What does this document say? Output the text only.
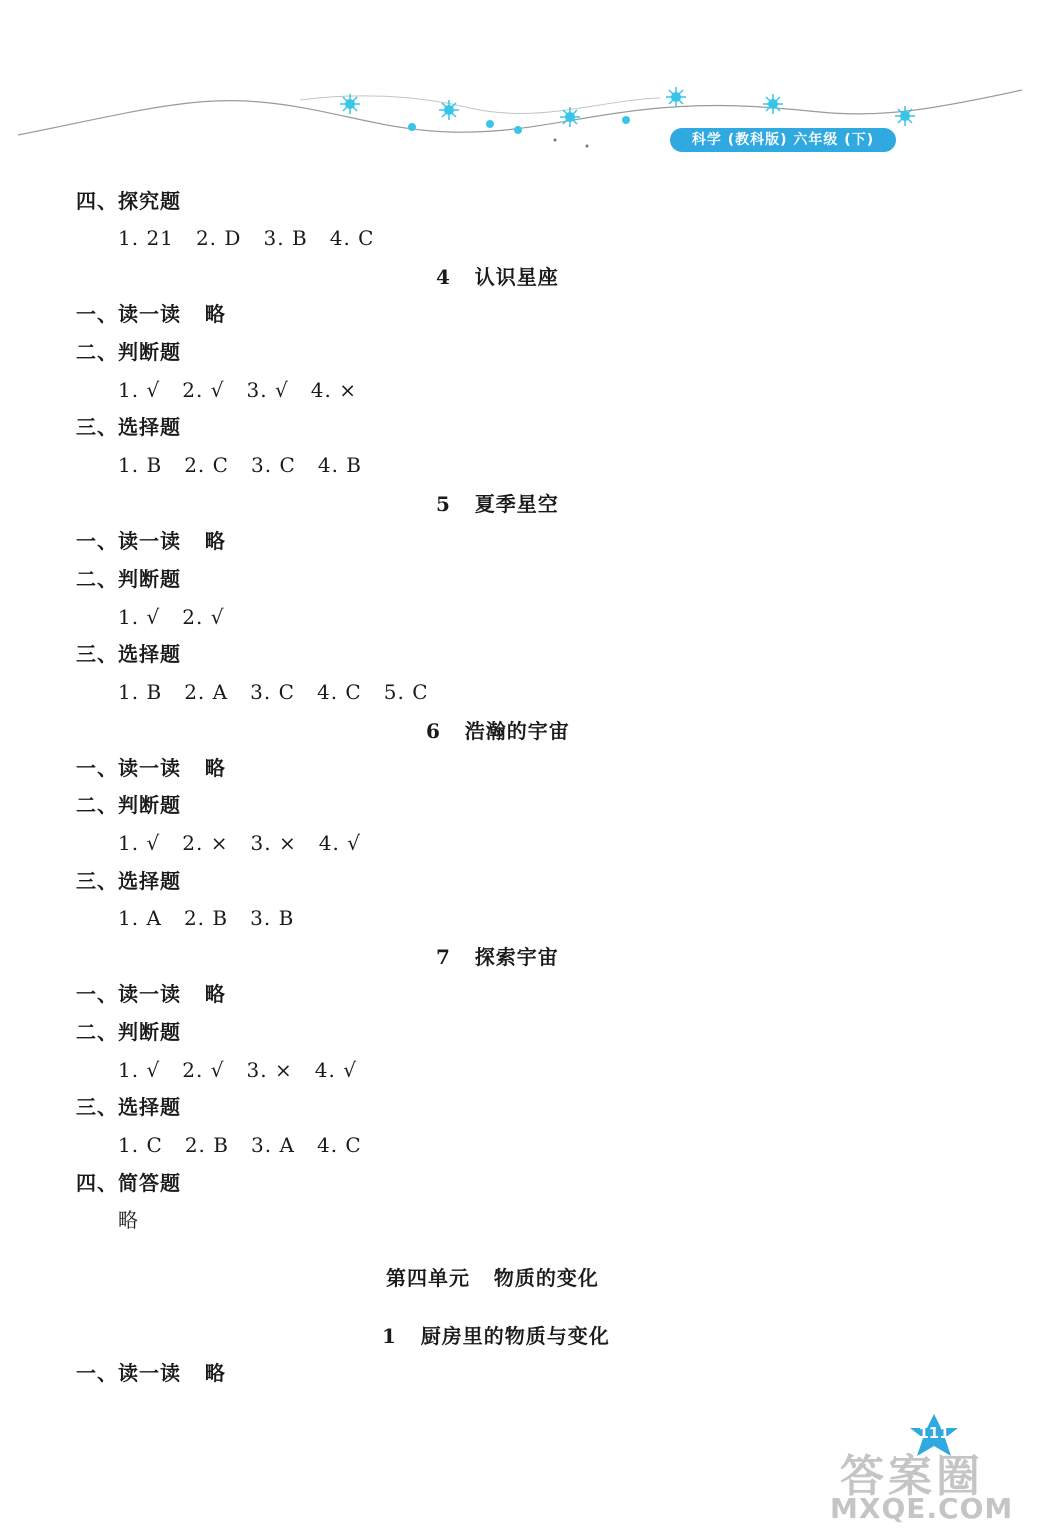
科学 (教科版) 六年级 (下)
四、探究题
1. 21   2. D   3. B   4. C
4   认识星座
一、读一读   略
二、判断题
1. √   2. √   3. √   4. ×
三、选择题
1. B   2. C   3. C   4. B
5   夏季星空
一、读一读   略
二、判断题
1. √   2. √
三、选择题
1. B   2. A   3. C   4. C   5. C
6   浩瀚的宇宙
一、读一读   略
二、判断题
1. √   2. ×   3. ×   4. √
三、选择题
1. A   2. B   3. B
7   探索宇宙
一、读一读   略
二、判断题
1. √   2. √   3. ×   4. √
三、选择题
1. C   2. B   3. A   4. C
四、简答题
略
第四单元   物质的变化
1   厨房里的物质与变化
一、读一读   略
111
答案圈
MXQE.COM
